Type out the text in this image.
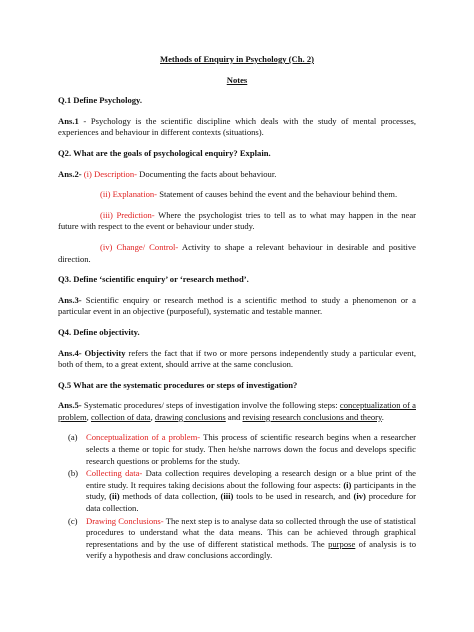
Methods of Enquiry in Psychology (Ch. 2)
Notes

Q.1 Define Psychology.

Ans.1 - Psychology is the scientific discipline which deals with the study of mental processes, experiences and behaviour in different contexts (situations).

Q2. What are the goals of psychological enquiry? Explain.

Ans.2- (i) Description- Documenting the facts about behaviour.

(ii) Explanation- Statement of causes behind the event and the behaviour behind them.

(iii) Prediction- Where the psychologist tries to tell as to what may happen in the near future with respect to the event or behaviour under study.

(iv) Change/ Control- Activity to shape a relevant behaviour in desirable and positive direction.

Q3. Define ‘scientific enquiry’ or ‘research method’.

Ans.3- Scientific enquiry or research method is a scientific method to study a phenomenon or a particular event in an objective (purposeful), systematic and testable manner.

Q4. Define objectivity.

Ans.4- Objectivity refers the fact that if two or more persons independently study a particular event, both of them, to a great extent, should arrive at the same conclusion.

Q.5 What are the systematic procedures or steps of investigation?

Ans.5- Systematic procedures/ steps of investigation involve the following steps: conceptualization of a problem, collection of data, drawing conclusions and revising research conclusions and theory.

(a) Conceptualization of a problem- This process of scientific research begins when a researcher selects a theme or topic for study. Then he/she narrows down the focus and develops specific research questions or problems for the study.
(b) Collecting data- Data collection requires developing a research design or a blue print of the entire study. It requires taking decisions about the following four aspects: (i) participants in the study, (ii) methods of data collection, (iii) tools to be used in research, and (iv) procedure for data collection.
(c) Drawing Conclusions- The next step is to analyse data so collected through the use of statistical procedures to understand what the data means. This can be achieved through graphical representations and by the use of different statistical methods. The purpose of analysis is to verify a hypothesis and draw conclusions accordingly.
